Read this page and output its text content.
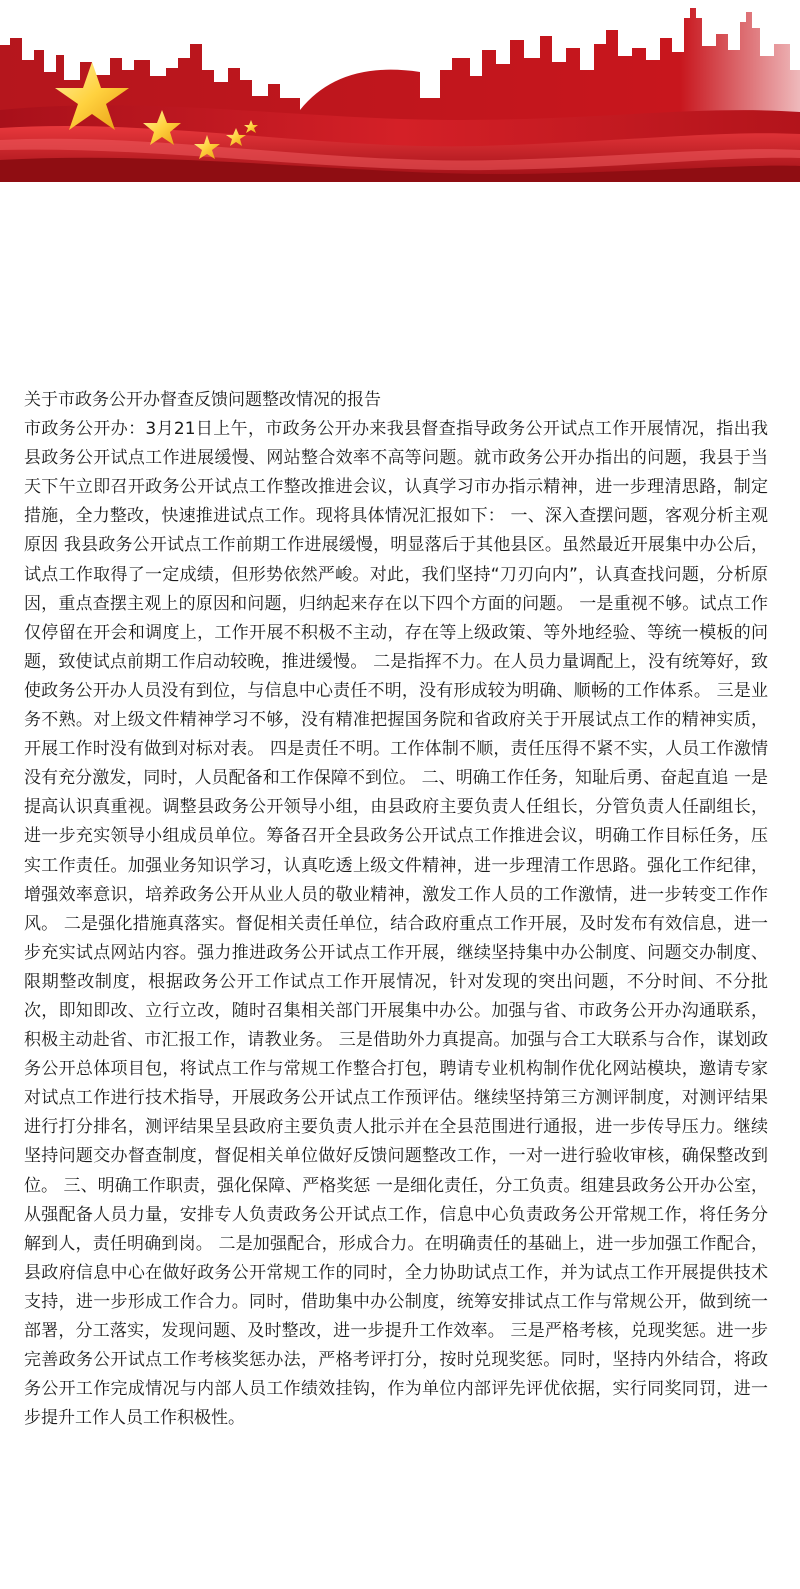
关于市政务公开办督查反馈问题整改情况的报告

市政务公开办：3月21日上午，市政务公开办来我县督查指导政务公开试点工作开展情况，指出我县政务公开试点工作进展缓慢、网站整合效率不高等问题。就市政务公开办指出的问题，我县于当天下午立即召开政务公开试点工作整改推进会议，认真学习市办指示精神，进一步理清思路，制定措施，全力整改，快速推进试点工作。现将具体情况汇报如下： 一、深入查摆问题，客观分析主观原因 我县政务公开试点工作前期工作进展缓慢，明显落后于其他县区。虽然最近开展集中办公后，试点工作取得了一定成绩，但形势依然严峻。对此，我们坚持“刀刃向内”，认真查找问题，分析原因，重点查摆主观上的原因和问题，归纳起来存在以下四个方面的问题。 一是重视不够。试点工作仅停留在开会和调度上，工作开展不积极不主动，存在等上级政策、等外地经验、等统一模板的问题，致使试点前期工作启动较晚，推进缓慢。 二是指挥不力。在人员力量调配上，没有统筹好，致使政务公开办人员没有到位，与信息中心责任不明，没有形成较为明确、顺畅的工作体系。 三是业务不熟。对上级文件精神学习不够，没有精准把握国务院和省政府关于开展试点工作的精神实质，开展工作时没有做到对标对表。 四是责任不明。工作体制不顺，责任压得不紧不实，人员工作激情没有充分激发，同时，人员配备和工作保障不到位。 二、明确工作任务，知耻后勇、奋起直追 一是提高认识真重视。调整县政务公开领导小组，由县政府主要负责人任组长，分管负责人任副组长，进一步充实领导小组成员单位。筹备召开全县政务公开试点工作推进会议，明确工作目标任务，压实工作责任。加强业务知识学习，认真吃透上级文件精神，进一步理清工作思路。强化工作纪律，增强效率意识，培养政务公开从业人员的敬业精神，激发工作人员的工作激情，进一步转变工作作风。 二是强化措施真落实。督促相关责任单位，结合政府重点工作开展，及时发布有效信息，进一步充实试点网站内容。强力推进政务公开试点工作开展，继续坚持集中办公制度、问题交办制度、限期整改制度，根据政务公开工作试点工作开展情况，针对发现的突出问题，不分时间、不分批次，即知即改、立行立改，随时召集相关部门开展集中办公。加强与省、市政务公开办沟通联系，积极主动赴省、市汇报工作，请教业务。 三是借助外力真提高。加强与合工大联系与合作，谋划政务公开总体项目包，将试点工作与常规工作整合打包，聘请专业机构制作优化网站模块，邀请专家对试点工作进行技术指导，开展政务公开试点工作预评估。继续坚持第三方测评制度，对测评结果进行打分排名，测评结果呈县政府主要负责人批示并在全县范围进行通报，进一步传导压力。继续坚持问题交办督查制度，督促相关单位做好反馈问题整改工作，一对一进行验收审核，确保整改到位。 三、明确工作职责，强化保障、严格奖惩 一是细化责任，分工负责。组建县政务公开办公室，从强配备人员力量，安排专人负责政务公开试点工作，信息中心负责政务公开常规工作，将任务分解到人，责任明确到岗。 二是加强配合，形成合力。在明确责任的基础上，进一步加强工作配合，县政府信息中心在做好政务公开常规工作的同时，全力协助试点工作，并为试点工作开展提供技术支持，进一步形成工作合力。同时，借助集中办公制度，统筹安排试点工作与常规公开，做到统一部署，分工落实，发现问题、及时整改，进一步提升工作效率。 三是严格考核，兑现奖惩。进一步完善政务公开试点工作考核奖惩办法，严格考评打分，按时兑现奖惩。同时，坚持内外结合，将政务公开工作完成情况与内部人员工作绩效挂钩，作为单位内部评先评优依据，实行同奖同罚，进一步提升工作人员工作积极性。
